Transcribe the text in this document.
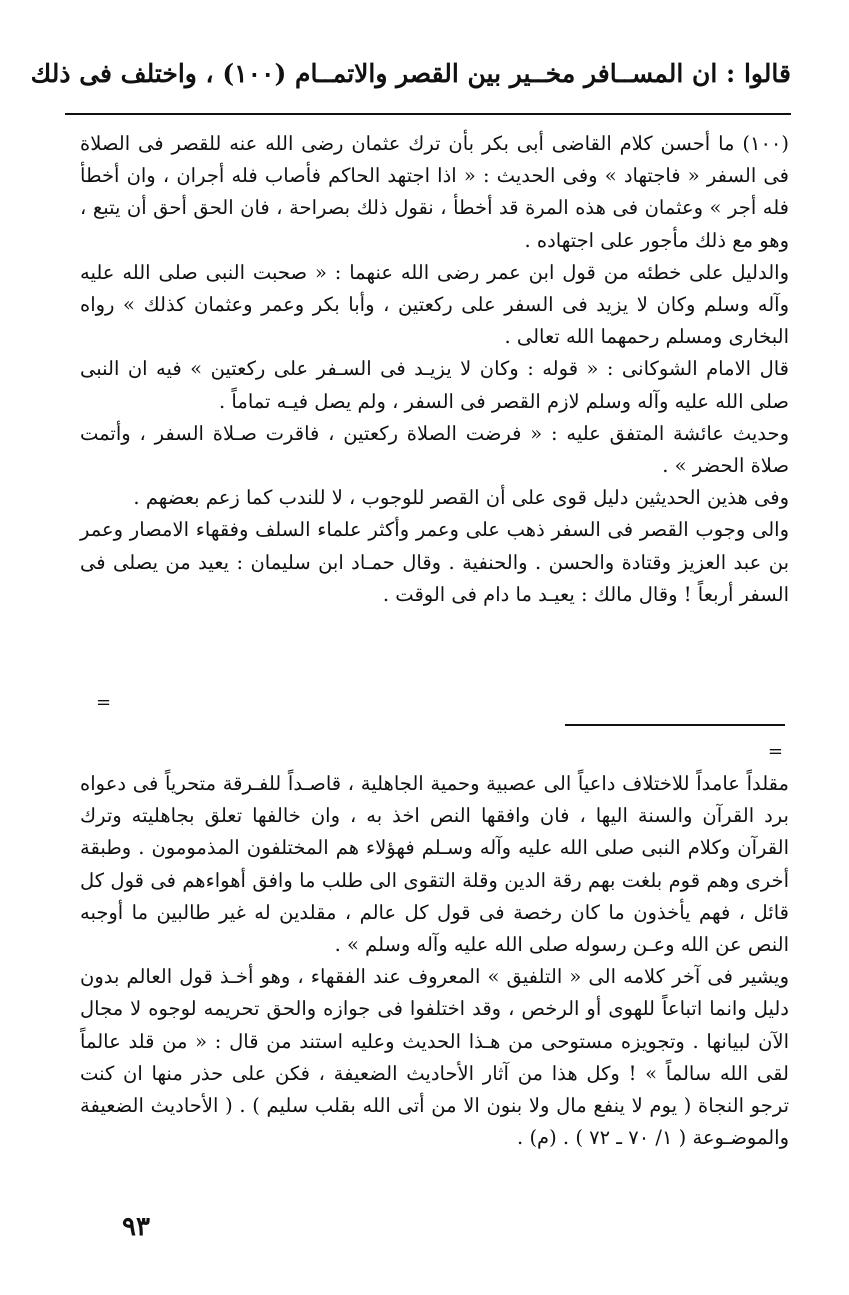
قالوا : ان المســافر مخــير بين القصر والاتمــام (١٠٠) ، واختلف فى ذلك

(١٠٠) ما أحسن كلام القاضى أبى بكر بأن ترك عثمان رضى الله عنه للقصر فى الصلاة فى السفر « فاجتهاد » وفى الحديث : « اذا اجتهد الحاكم فأصاب فله أجران ، وان أخطأ فله أجر » وعثمان فى هذه المرة قد أخطأ ، نقول ذلك بصراحة ، فان الحق أحق أن يتبع ، وهو مع ذلك مأجور على اجتهاده .

والدليل على خطئه من قول ابن عمر رضى الله عنهما : « صحبت النبى صلى الله عليه وآله وسلم وكان لا يزيد فى السفر على ركعتين ، وأبا بكر وعمر وعثمان كذلك » رواه البخارى ومسلم رحمهما الله تعالى .

قال الامام الشوكانى : « قوله : وكان لا يزيـد فى السـفر على ركعتين » فيه ان النبى صلى الله عليه وآله وسلم لازم القصر فى السفر ، ولم يصل فيـه تماماً .

وحديث عائشة المتفق عليه : « فرضت الصلاة ركعتين ، فاقرت صـلاة السفر ، وأتمت صلاة الحضر » .

وفى هذين الحديثين دليل قوى على أن القصر للوجوب ، لا للندب كما زعم بعضهم .

والى وجوب القصر فى السفر ذهب على وعمر وأكثر علماء السلف وفقهاء الامصار وعمر بن عبد العزيز وقتادة والحسن . والحنفية . وقال حمـاد ابن سليمان : يعيد من يصلى فى السفر أربعاً ! وقال مالك : يعيـد ما دام فى الوقت .

=
=

مقلداً عامداً للاختلاف داعياً الى عصبية وحمية الجاهلية ، قاصـداً للفـرقة متحرياً فى دعواه برد القرآن والسنة اليها ، فان وافقها النص اخذ به ، وان خالفها تعلق بجاهليته وترك القرآن وكلام النبى صلى الله عليه وآله وسـلم فهؤلاء هم المختلفون المذمومون . وطبقة أخرى وهم قوم بلغت بهم رقة الدين وقلة التقوى الى طلب ما وافق أهواءهم فى قول كل قائل ، فهم يأخذون ما كان رخصة فى قول كل عالم ، مقلدين له غير طالبين ما أوجبه النص عن الله وعـن رسوله صلى الله عليه وآله وسلم » .

ويشير فى آخر كلامه الى « التلفيق » المعروف عند الفقهاء ، وهو أخـذ قول العالم بدون دليل وانما اتباعاً للهوى أو الرخص ، وقد اختلفوا فى جوازه والحق تحريمه لوجوه لا مجال الآن لبيانها . وتجويزه مستوحى من هـذا الحديث وعليه استند من قال : « من قلد عالماً لقى الله سالماً » ! وكل هذا من آثار الأحاديث الضعيفة ، فكن على حذر منها ان كنت ترجو النجاة ( يوم لا ينفع مال ولا بنون الا من أتى الله بقلب سليم ) . ( الأحاديث الضعيفة والموضـوعة ( ١/ ٧٠ ـ ٧٢ ) . (م) .

٩٣
